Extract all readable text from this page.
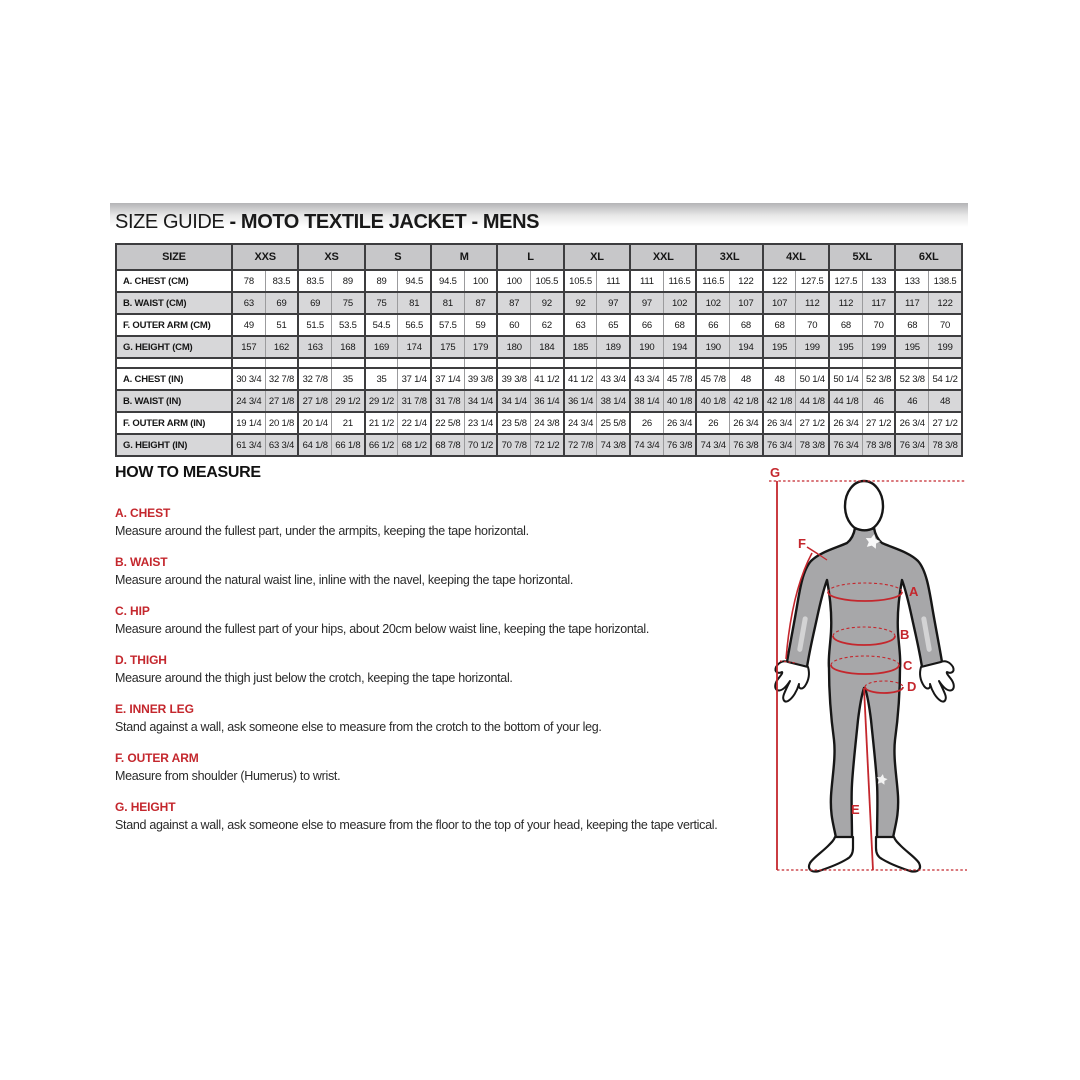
SIZE GUIDE - MOTO TEXTILE JACKET - MENS
SIZE	XXS		XS		S		M		L		XL		XXL		3XL		4XL		5XL		6XL	
A. CHEST (CM)	78	83.5	83.5	89	89	94.5	94.5	100	100	105.5	105.5	111	111	116.5	116.5	122	122	127.5	127.5	133	133	138.5
B. WAIST (CM)	63	69	69	75	75	81	81	87	87	92	92	97	97	102	102	107	107	112	112	117	117	122
F. OUTER ARM (CM)	49	51	51.5	53.5	54.5	56.5	57.5	59	60	62	63	65	66	68	66	68	68	70	68	70	68	70
G. HEIGHT (CM)	157	162	163	168	169	174	175	179	180	184	185	189	190	194	190	194	195	199	195	199	195	199

A. CHEST (IN)	30 3/4	32 7/8	32 7/8	35	35	37 1/4	37 1/4	39 3/8	39 3/8	41 1/2	41 1/2	43 3/4	43 3/4	45 7/8	45 7/8	48	48	50 1/4	50 1/4	52 3/8	52 3/8	54 1/2
B. WAIST (IN)	24 3/4	27 1/8	27 1/8	29 1/2	29 1/2	31 7/8	31 7/8	34 1/4	34 1/4	36 1/4	36 1/4	38 1/4	38 1/4	40 1/8	40 1/8	42 1/8	42 1/8	44 1/8	44 1/8	46	46	48
F. OUTER ARM (IN)	19 1/4	20 1/8	20 1/4	21	21 1/2	22 1/4	22 5/8	23 1/4	23 5/8	24 3/8	24 3/4	25 5/8	26	26 3/4	26	26 3/4	26 3/4	27 1/2	26 3/4	27 1/2	26 3/4	27 1/2
G. HEIGHT (IN)	61 3/4	63 3/4	64 1/8	66 1/8	66 1/2	68 1/2	68 7/8	70 1/2	70 7/8	72 1/2	72 7/8	74 3/8	74 3/4	76 3/8	74 3/4	76 3/8	76 3/4	78 3/8	76 3/4	78 3/8	76 3/4	78 3/8
HOW TO MEASURE
A. CHEST
Measure around the fullest part, under the armpits, keeping the tape horizontal.
B. WAIST
Measure around the natural waist line, inline with the navel, keeping the tape horizontal.
C. HIP
Measure around the fullest part of your hips, about 20cm below waist line, keeping the tape horizontal.
D. THIGH
Measure around the thigh just below the crotch, keeping the tape horizontal.
E. INNER LEG
Stand against a wall, ask someone else to measure from the crotch to the bottom of your leg.
F. OUTER ARM
Measure from shoulder (Humerus) to wrist.
G. HEIGHT
Stand against a wall, ask someone else to measure from the floor to the top of your head, keeping the tape vertical.
A
B
C
D
E
F
G
